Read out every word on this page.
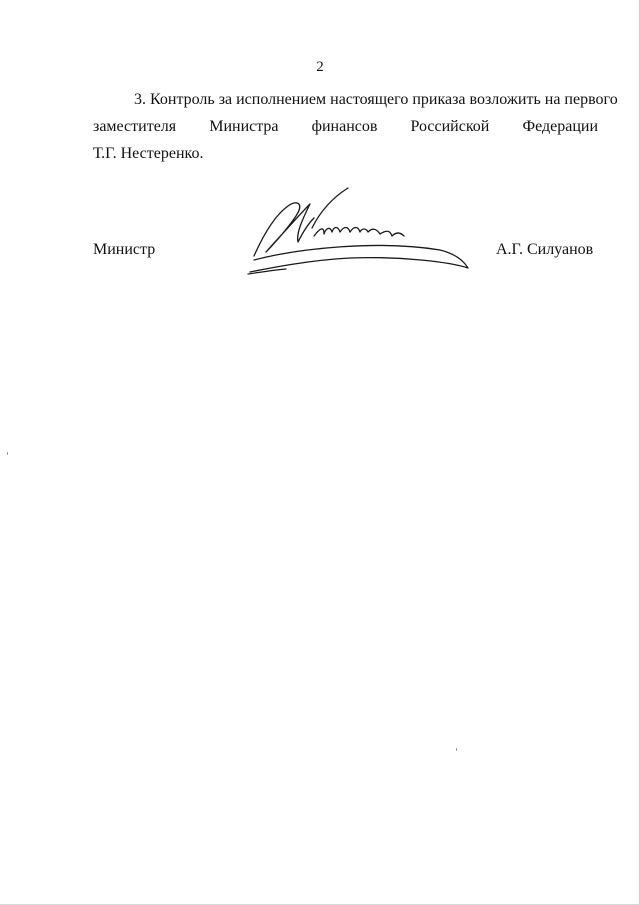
2
3. Контроль за исполнением настоящего приказа возложить на первого
заместителя Министра финансов Российской Федерации
Т.Г. Нестеренко.
Министр	А.Г. Силуанов
